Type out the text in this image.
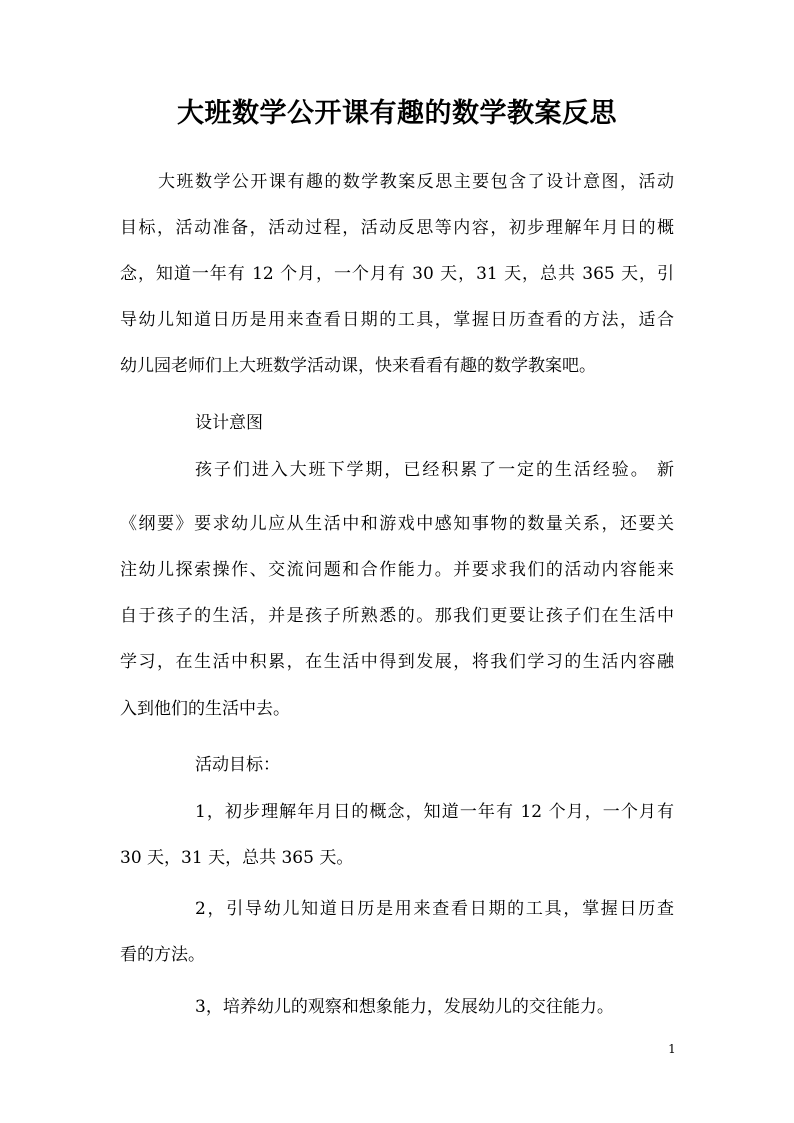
大班数学公开课有趣的数学教案反思
大班数学公开课有趣的数学教案反思主要包含了设计意图，活动
目标，活动准备，活动过程，活动反思等内容，初步理解年月日的概
念，知道一年有 12 个月，一个月有 30 天，31 天，总共 365 天，引
导幼儿知道日历是用来查看日期的工具，掌握日历查看的方法，适合
幼儿园老师们上大班数学活动课，快来看看有趣的数学教案吧。
设计意图
孩子们进入大班下学期，已经积累了一定的生活经验。 新
《纲要》要求幼儿应从生活中和游戏中感知事物的数量关系，还要关
注幼儿探索操作、交流问题和合作能力。并要求我们的活动内容能来
自于孩子的生活，并是孩子所熟悉的。那我们更要让孩子们在生活中
学习，在生活中积累，在生活中得到发展，将我们学习的生活内容融
入到他们的生活中去。
活动目标：
1，初步理解年月日的概念，知道一年有 12 个月，一个月有
30 天，31 天，总共 365 天。
2，引导幼儿知道日历是用来查看日期的工具，掌握日历查
看的方法。
3，培养幼儿的观察和想象能力，发展幼儿的交往能力。
1
